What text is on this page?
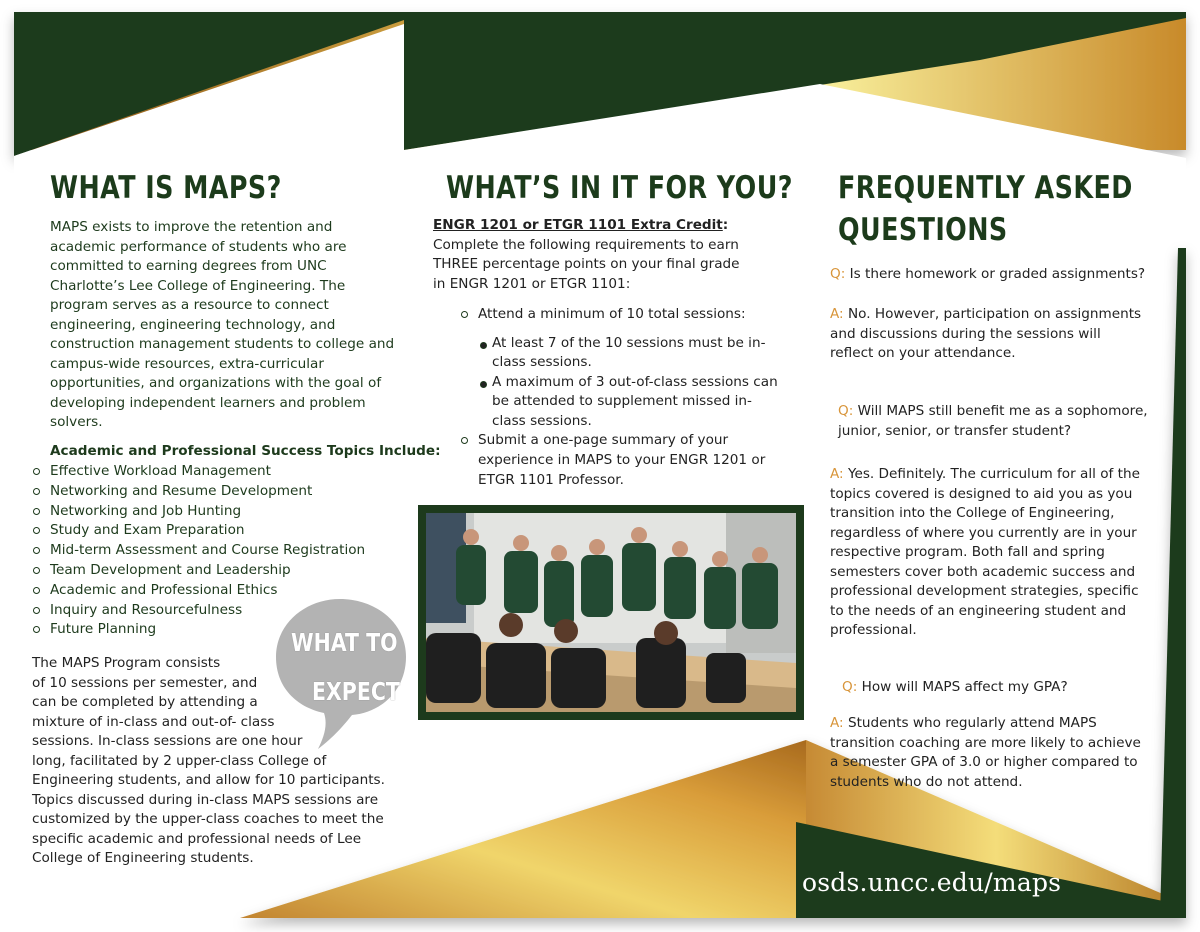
WHAT IS MAPS?

MAPS exists to improve the retention and academic performance of students who are committed to earning degrees from UNC Charlotte’s Lee College of Engineering. The program serves as a resource to connect engineering, engineering technology, and construction management students to college and campus-wide resources, extra-curricular opportunities, and organizations with the goal of developing independent learners and problem solvers.

Academic and Professional Success Topics Include:
Effective Workload Management
Networking and Resume Development
Networking and Job Hunting
Study and Exam Preparation
Mid-term Assessment and Course Registration
Team Development and Leadership
Academic and Professional Ethics
Inquiry and Resourcefulness
Future Planning	WHAT TO
EXPECT
The MAPS Program consists
of 10 sessions per semester, and
can be completed by attending a
mixture of in-class and out-of- class
sessions. In-class sessions are one hour
long, facilitated by 2 upper-class College of
Engineering students, and allow for 10 participants.
Topics discussed during in-class MAPS sessions are
customized by the upper-class coaches to meet the
specific academic and professional needs of Lee
College of Engineering students.
WHAT’S IN IT FOR YOU?
ENGR 1201 or ETGR 1101 Extra Credit:
Complete the following requirements to earn
THREE percentage points on your final grade
in ENGR 1201 or ETGR 1101:
Attend a minimum of 10 total sessions:
At least 7 of the 10 sessions must be in-class sessions.
A maximum of 3 out-of-class sessions can be attended to supplement missed in-class sessions.
Submit a one-page summary of your experience in MAPS to your ENGR 1201 or ETGR 1101 Professor.
FREQUENTLY ASKED
QUESTIONS

Q: Is there homework or graded assignments?

A: No. However, participation on assignments and discussions during the sessions will reflect on your attendance.

Q: Will MAPS still benefit me as a sophomore, junior, senior, or transfer student?

A: Yes. Definitely. The curriculum for all of the topics covered is designed to aid you as you transition into the College of Engineering, regardless of where you currently are in your respective program. Both fall and spring semesters cover both academic success and professional development strategies, specific to the needs of an engineering student and professional.

Q: How will MAPS affect my GPA?

A: Students who regularly attend MAPS transition coaching are more likely to achieve a semester GPA of 3.0 or higher compared to students who do not attend.

osds.uncc.edu/maps
